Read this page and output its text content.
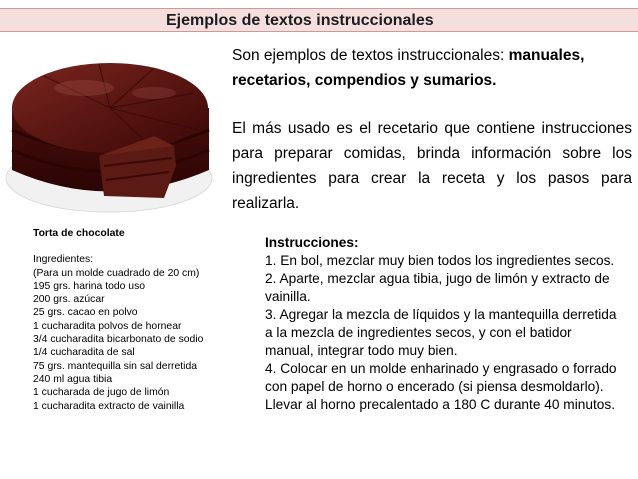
Ejemplos de textos instruccionales

Son ejemplos de textos instruccionales: manuales, recetarios, compendios y sumarios.

El más usado es el recetario que contiene instrucciones para preparar comidas, brinda información sobre los ingredientes para crear la receta y los pasos para realizarla.

Torta de chocolate
Ingredientes:
(Para un molde cuadrado de 20 cm)
195 grs. harina todo uso
200 grs. azúcar
25 grs. cacao en polvo
1 cucharadita polvos de hornear
3/4 cucharadita bicarbonato de sodio
1/4 cucharadita de sal
75 grs. mantequilla sin sal derretida
240 ml agua tibia
1 cucharada de jugo de limón
1 cucharadita extracto de vainilla
Instrucciones:
1. En bol, mezclar muy bien todos los ingredientes secos.
2. Aparte, mezclar agua tibia, jugo de limón y extracto de vainilla.
3. Agregar la mezcla de líquidos y la mantequilla derretida a la mezcla de ingredientes secos, y con el batidor manual, integrar todo muy bien.
4. Colocar en un molde enharinado y engrasado o forrado con papel de horno o encerado (si piensa desmoldarlo). Llevar al horno precalentado a 180 C durante 40 minutos.
